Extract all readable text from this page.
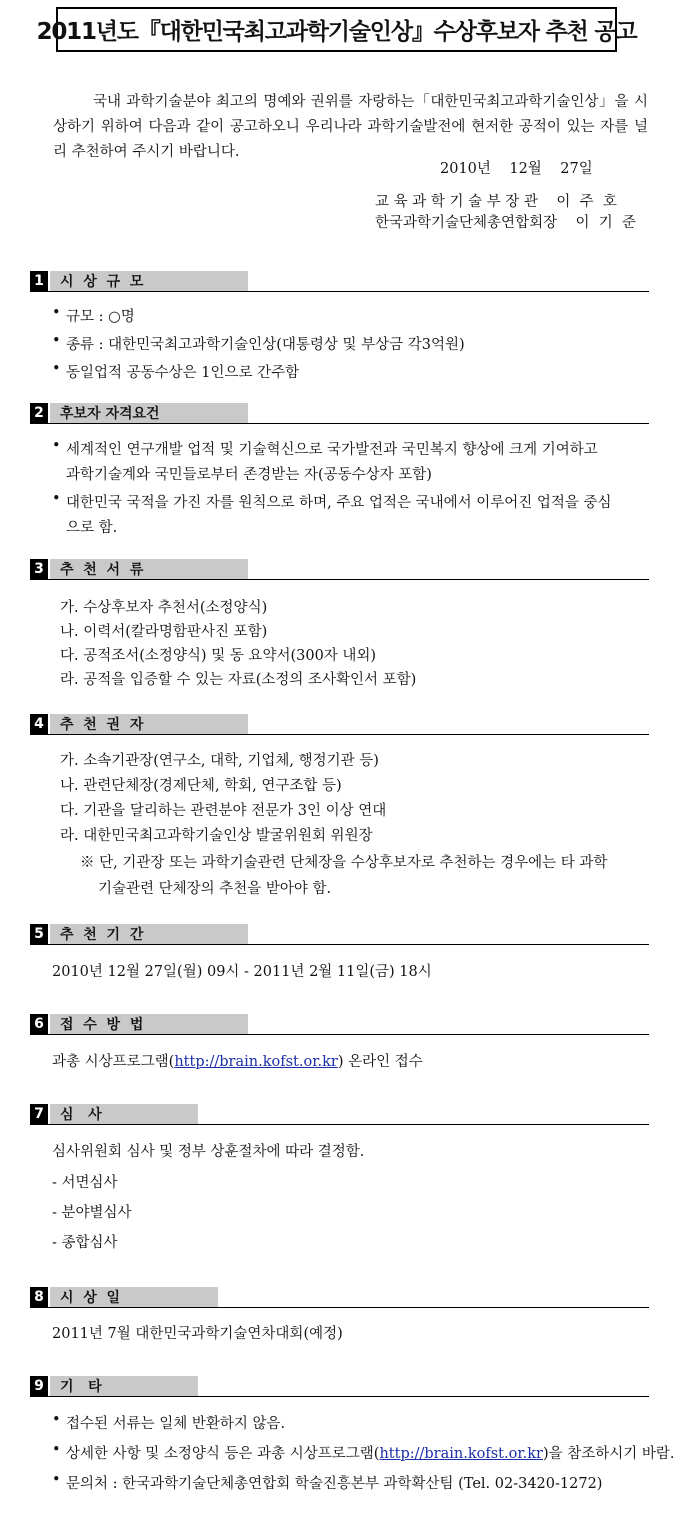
2011년도『대한민국최고과학기술인상』수상후보자 추천 공고
국내 과학기술분야 최고의 명예와 권위를 자랑하는「대한민국최고과학기술인상」을 시상하기 위하여 다음과 같이 공고하오니 우리나라 과학기술발전에 현저한 공적이 있는 자를 널리 추천하여 주시기 바랍니다.
2010년    12월    27일
교 육 과 학 기 술 부 장 관    이  주  호
한국과학기술단체총연합회장    이  기  준
1	시  상  규  모
• 규모 : ○명
• 종류 : 대한민국최고과학기술인상(대통령상 및 부상금 각3억원)
• 동일업적 공동수상은 1인으로 간주함
2	후보자 자격요건
• 세계적인 연구개발 업적 및 기술혁신으로 국가발전과 국민복지 향상에 크게 기여하고
과학기술계와 국민들로부터 존경받는 자(공동수상자 포함)
• 대한민국 국적을 가진 자를 원칙으로 하며, 주요 업적은 국내에서 이루어진 업적을 중심
으로 함.
3	추  천  서  류
가. 수상후보자 추천서(소정양식)
나. 이력서(칼라명함판사진 포함)
다. 공적조서(소정양식) 및 동 요약서(300자 내외)
라. 공적을 입증할 수 있는 자료(소정의 조사확인서 포함)
4	추  천  권  자
가. 소속기관장(연구소, 대학, 기업체, 행정기관 등)
나. 관련단체장(경제단체, 학회, 연구조합 등)
다. 기관을 달리하는 관련분야 전문가 3인 이상 연대
라. 대한민국최고과학기술인상 발굴위원회 위원장
※ 단, 기관장 또는 과학기술관련 단체장을 수상후보자로 추천하는 경우에는 타 과학
기술관련 단체장의 추천을 받아야 함.
5	추  천  기  간
2010년 12월 27일(월) 09시 - 2011년 2월 11일(금) 18시
6	접  수  방  법
과총 시상프로그램(http://brain.kofst.or.kr) 온라인 접수
7	심   사
심사위원회 심사 및 정부 상훈절차에 따라 결정함.
- 서면심사
- 분야별심사
- 종합심사
8	시  상  일
2011년 7월 대한민국과학기술연차대회(예정)
9	기   타
• 접수된 서류는 일체 반환하지 않음.
• 상세한 사항 및 소정양식 등은 과총 시상프로그램(http://brain.kofst.or.kr)을 참조하시기 바람.
• 문의처 : 한국과학기술단체총연합회 학술진흥본부 과학확산팀 (Tel. 02-3420-1272)
